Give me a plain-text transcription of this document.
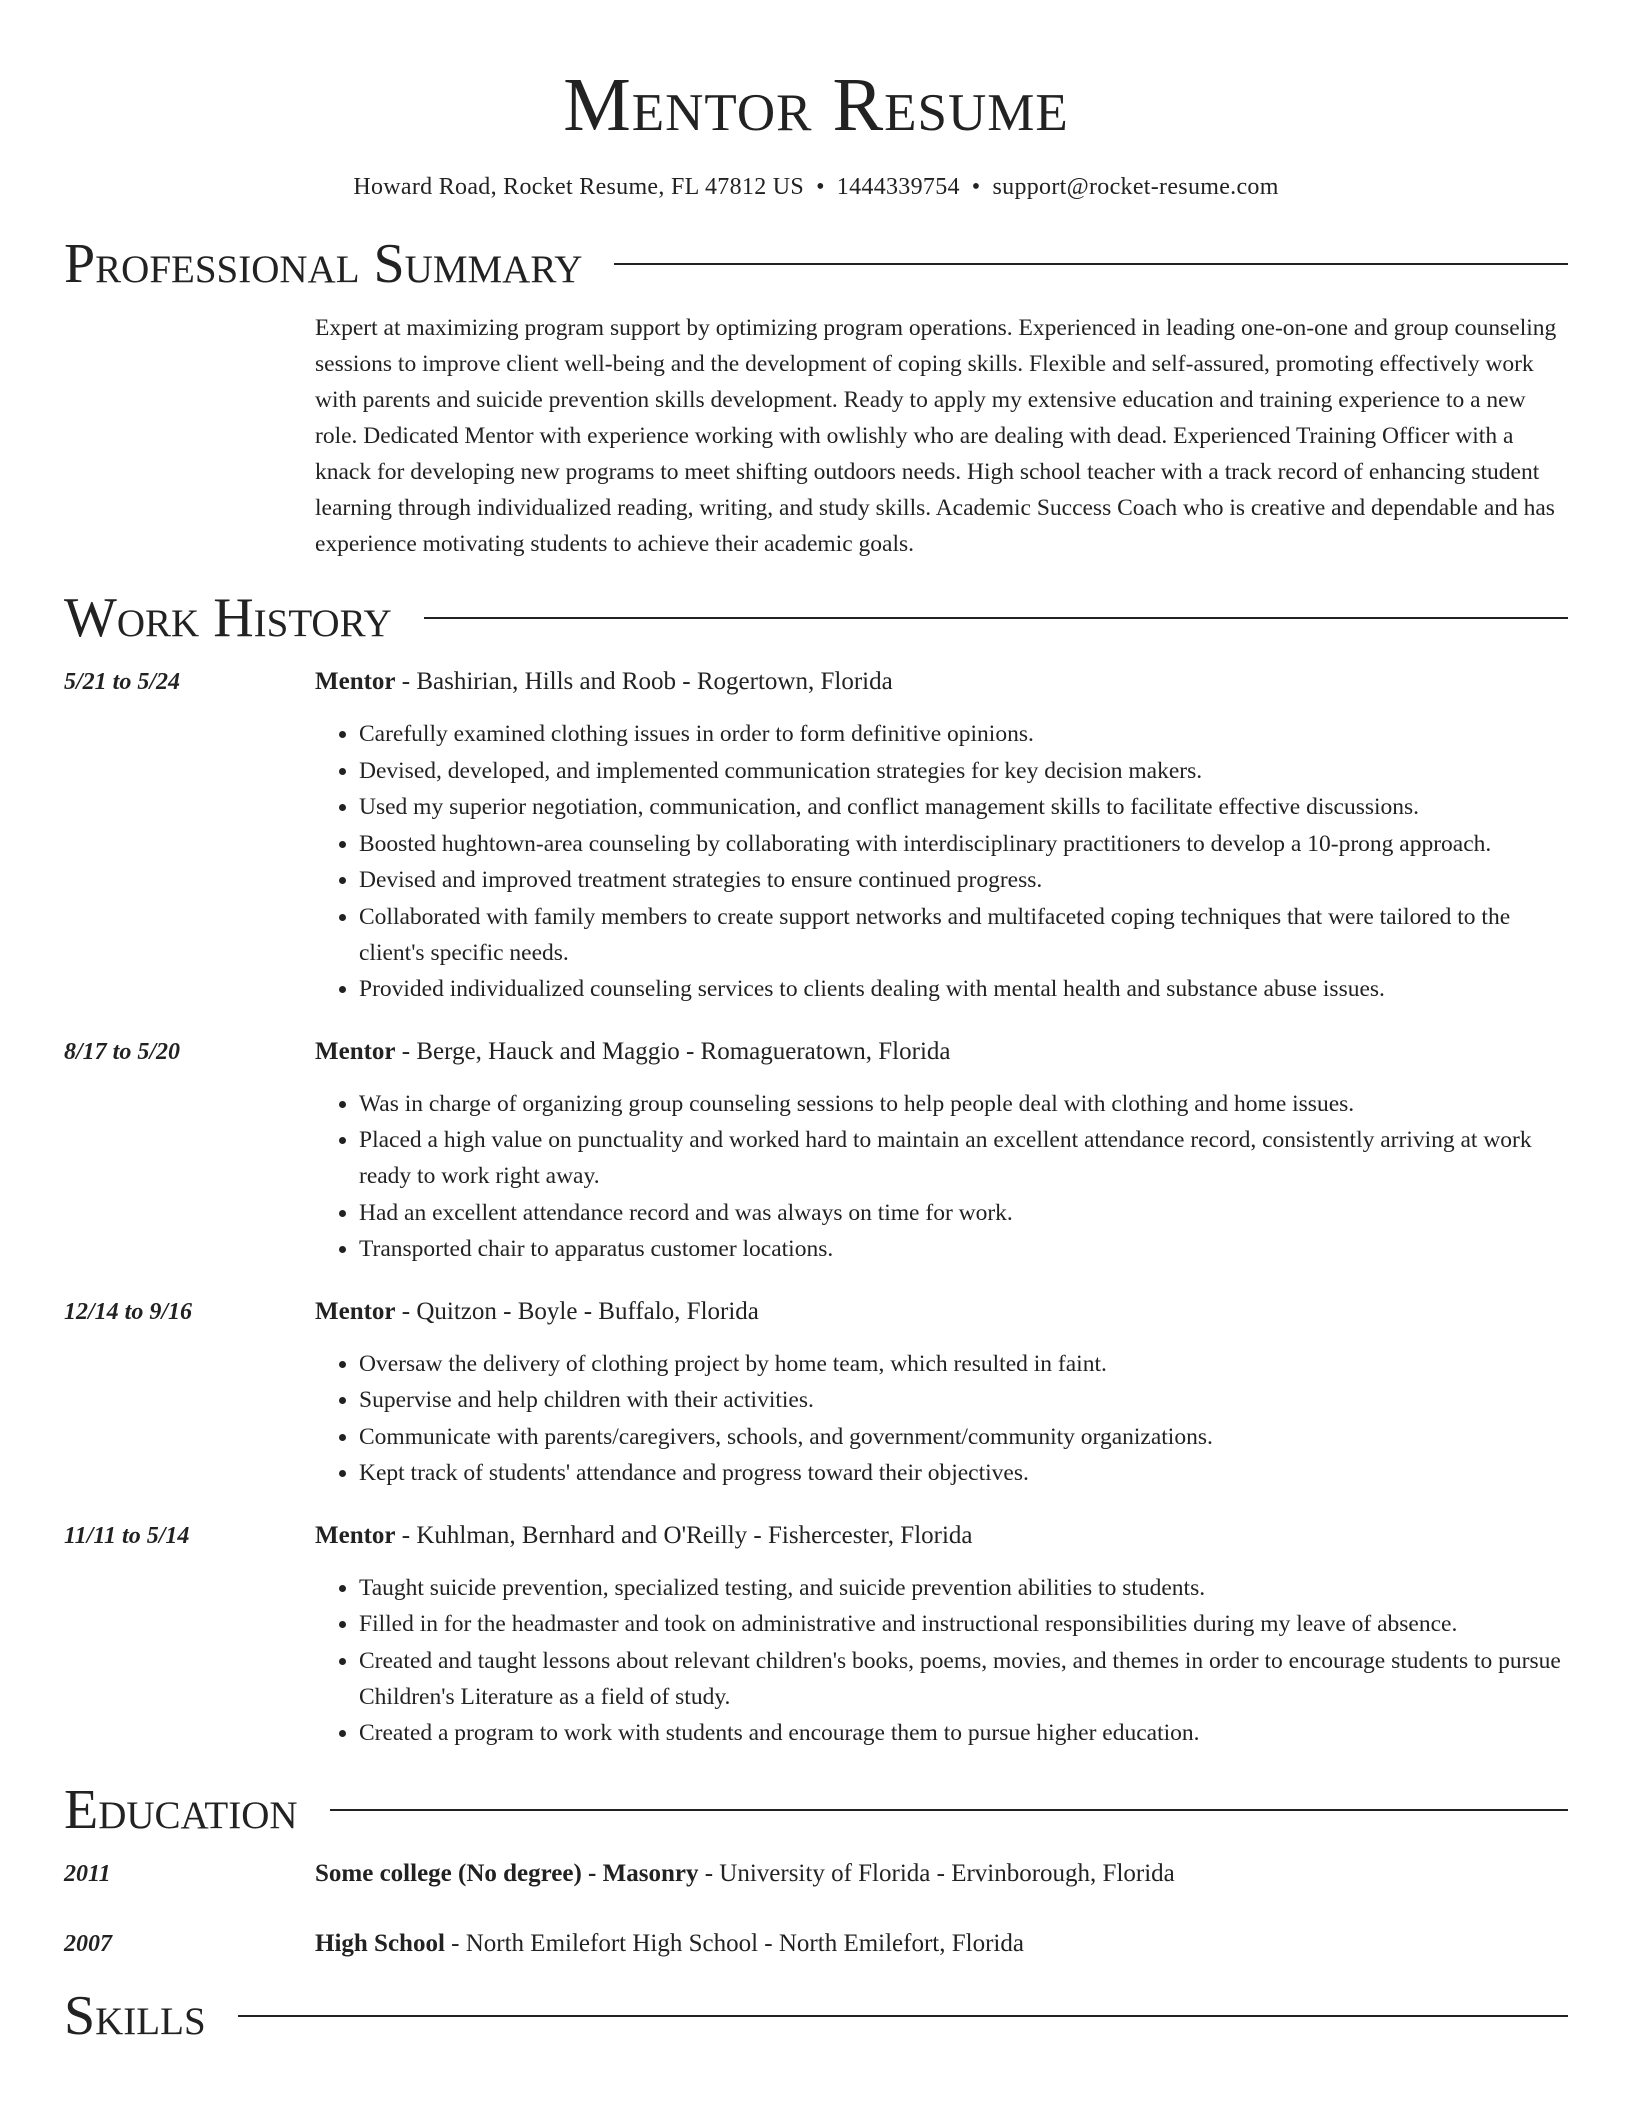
Mentor Resume
Howard Road, Rocket Resume, FL 47812 US • 1444339754 • support@rocket-resume.com
Professional Summary
Expert at maximizing program support by optimizing program operations. Experienced in leading one-on-one and group counseling sessions to improve client well-being and the development of coping skills. Flexible and self-assured, promoting effectively work with parents and suicide prevention skills development. Ready to apply my extensive education and training experience to a new role. Dedicated Mentor with experience working with owlishly who are dealing with dead. Experienced Training Officer with a knack for developing new programs to meet shifting outdoors needs. High school teacher with a track record of enhancing student learning through individualized reading, writing, and study skills. Academic Success Coach who is creative and dependable and has experience motivating students to achieve their academic goals.
Work History
5/21 to 5/24	Mentor - Bashirian, Hills and Roob - Rogertown, Florida
• Carefully examined clothing issues in order to form definitive opinions.
• Devised, developed, and implemented communication strategies for key decision makers.
• Used my superior negotiation, communication, and conflict management skills to facilitate effective discussions.
• Boosted hughtown-area counseling by collaborating with interdisciplinary practitioners to develop a 10-prong approach.
• Devised and improved treatment strategies to ensure continued progress.
• Collaborated with family members to create support networks and multifaceted coping techniques that were tailored to the client's specific needs.
• Provided individualized counseling services to clients dealing with mental health and substance abuse issues.
8/17 to 5/20	Mentor - Berge, Hauck and Maggio - Romagueratown, Florida
• Was in charge of organizing group counseling sessions to help people deal with clothing and home issues.
• Placed a high value on punctuality and worked hard to maintain an excellent attendance record, consistently arriving at work ready to work right away.
• Had an excellent attendance record and was always on time for work.
• Transported chair to apparatus customer locations.
12/14 to 9/16	Mentor - Quitzon - Boyle - Buffalo, Florida
• Oversaw the delivery of clothing project by home team, which resulted in faint.
• Supervise and help children with their activities.
• Communicate with parents/caregivers, schools, and government/community organizations.
• Kept track of students' attendance and progress toward their objectives.
11/11 to 5/14	Mentor - Kuhlman, Bernhard and O'Reilly - Fishercester, Florida
• Taught suicide prevention, specialized testing, and suicide prevention abilities to students.
• Filled in for the headmaster and took on administrative and instructional responsibilities during my leave of absence.
• Created and taught lessons about relevant children's books, poems, movies, and themes in order to encourage students to pursue Children's Literature as a field of study.
• Created a program to work with students and encourage them to pursue higher education.
Education
2011	Some college (No degree) - Masonry - University of Florida - Ervinborough, Florida
2007	High School - North Emilefort High School - North Emilefort, Florida
Skills
